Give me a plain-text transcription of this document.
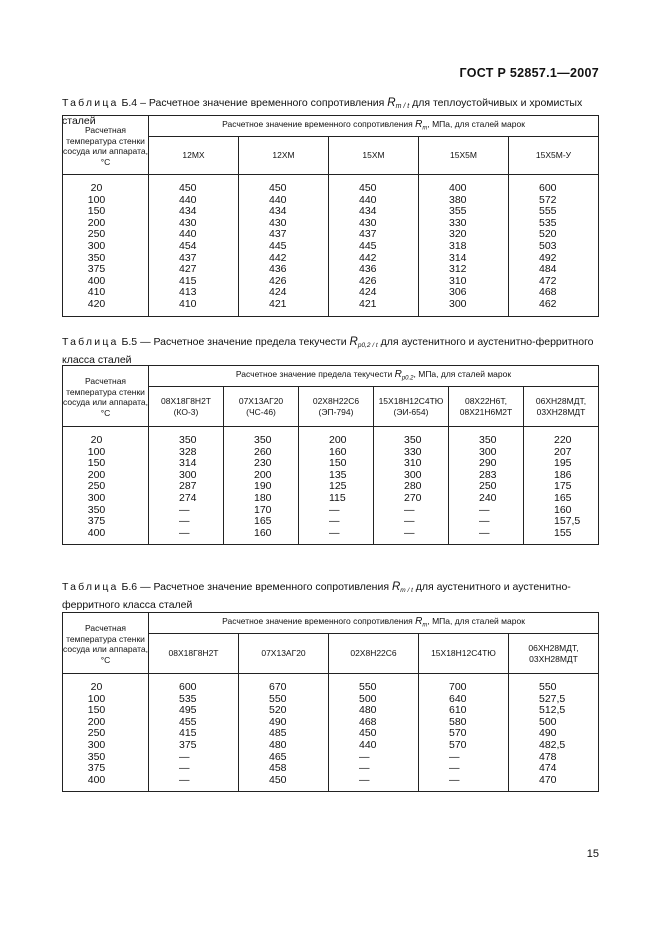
ГОСТ Р 52857.1—2007
Таблица Б.4 – Расчетное значение временного сопротивления $R_{m / t}$ для теплоустойчивых и хромистых сталей
Расчетная температура стенки сосуда или аппарата, °С	Расчетное значение временного сопротивления $R_m$, МПа, для сталей марок				
	12МХ	12ХМ	15ХМ	15Х5М	15Х5М-У

20	450	450	450	400	600
100	440	440	440	380	572
150	434	434	434	355	555
200	430	430	430	330	535
250	440	437	437	320	520
300	454	445	445	318	503
350	437	442	442	314	492
375	427	436	436	312	484
400	415	426	426	310	472
410	413	424	424	306	468
420	410	421	421	300	462

Таблица Б.5 — Расчетное значение предела текучести $R_{p0,2 / t}$ для аустенитного и аустенитно-ферритного класса сталей
Расчетная температура стенки сосуда или аппарата, °С	Расчетное значение предела текучести $R_{p0.2}$, МПа, для сталей марок					
	08Х18Г8Н2Т (КО-3)	07Х13АГ20 (ЧС-46)	02Х8Н22С6 (ЭП-794)	15Х18Н12С4ТЮ (ЭИ-654)	08Х22Н6Т, 08Х21Н6М2Т	06ХН28МДТ, 03ХН28МДТ

20	350	350	200	350	350	220
100	328	260	160	330	300	207
150	314	230	150	310	290	195
200	300	200	135	300	283	186
250	287	190	125	280	250	175
300	274	180	115	270	240	165
350	—	170	—	—	—	160
375	—	165	—	—	—	157,5
400	—	160	—	—	—	155

Таблица Б.6 — Расчетное значение временного сопротивления $R_{m / t}$ для аустенитного и аустенитно-ферритного класса сталей
Расчетная температура стенки сосуда или аппарата, °С	Расчетное значение временного сопротивления $R_m$, МПа, для сталей марок				
	08Х18Г8Н2Т	07Х13АГ20	02Х8Н22С6	15Х18Н12С4ТЮ	06ХН28МДТ, 03ХН28МДТ

20	600	670	550	700	550
100	535	550	500	640	527,5
150	495	520	480	610	512,5
200	455	490	468	580	500
250	415	485	450	570	490
300	375	480	440	570	482,5
350	—	465	—	—	478
375	—	458	—	—	474
400	—	450	—	—	470

15
